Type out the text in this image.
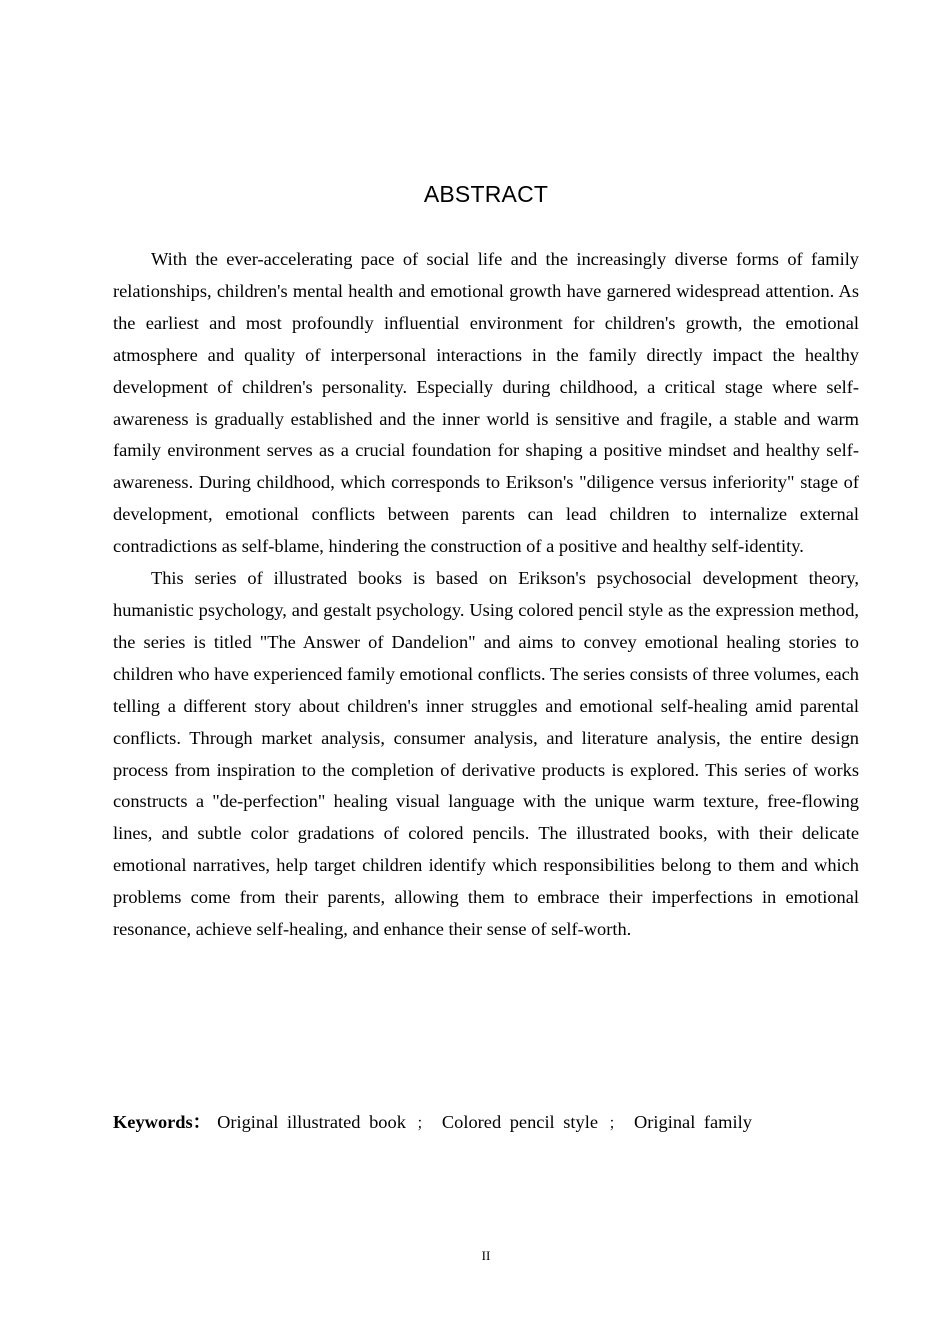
ABSTRACT

With the ever-accelerating pace of social life and the increasingly diverse forms of family relationships, children's mental health and emotional growth have garnered widespread attention. As the earliest and most profoundly influential environment for children's growth, the emotional atmosphere and quality of interpersonal interactions in the family directly impact the healthy development of children's personality. Especially during childhood, a critical stage where self-awareness is gradually established and the inner world is sensitive and fragile, a stable and warm family environment serves as a crucial foundation for shaping a positive mindset and healthy self-awareness. During childhood, which corresponds to Erikson's "diligence versus inferiority" stage of development, emotional conflicts between parents can lead children to internalize external contradictions as self-blame, hindering the construction of a positive and healthy self-identity.

This series of illustrated books is based on Erikson's psychosocial development theory, humanistic psychology, and gestalt psychology. Using colored pencil style as the expression method, the series is titled "The Answer of Dandelion" and aims to convey emotional healing stories to children who have experienced family emotional conflicts. The series consists of three volumes, each telling a different story about children's inner struggles and emotional self-healing amid parental conflicts. Through market analysis, consumer analysis, and literature analysis, the entire design process from inspiration to the completion of derivative products is explored. This series of works constructs a "de-perfection" healing visual language with the unique warm texture, free-flowing lines, and subtle color gradations of colored pencils. The illustrated books, with their delicate emotional narratives, help target children identify which responsibilities belong to them and which problems come from their parents, allowing them to embrace their imperfections in emotional resonance, achieve self-healing, and enhance their sense of self-worth.

Keywords： Original illustrated book ； Colored pencil style ； Original family
II
